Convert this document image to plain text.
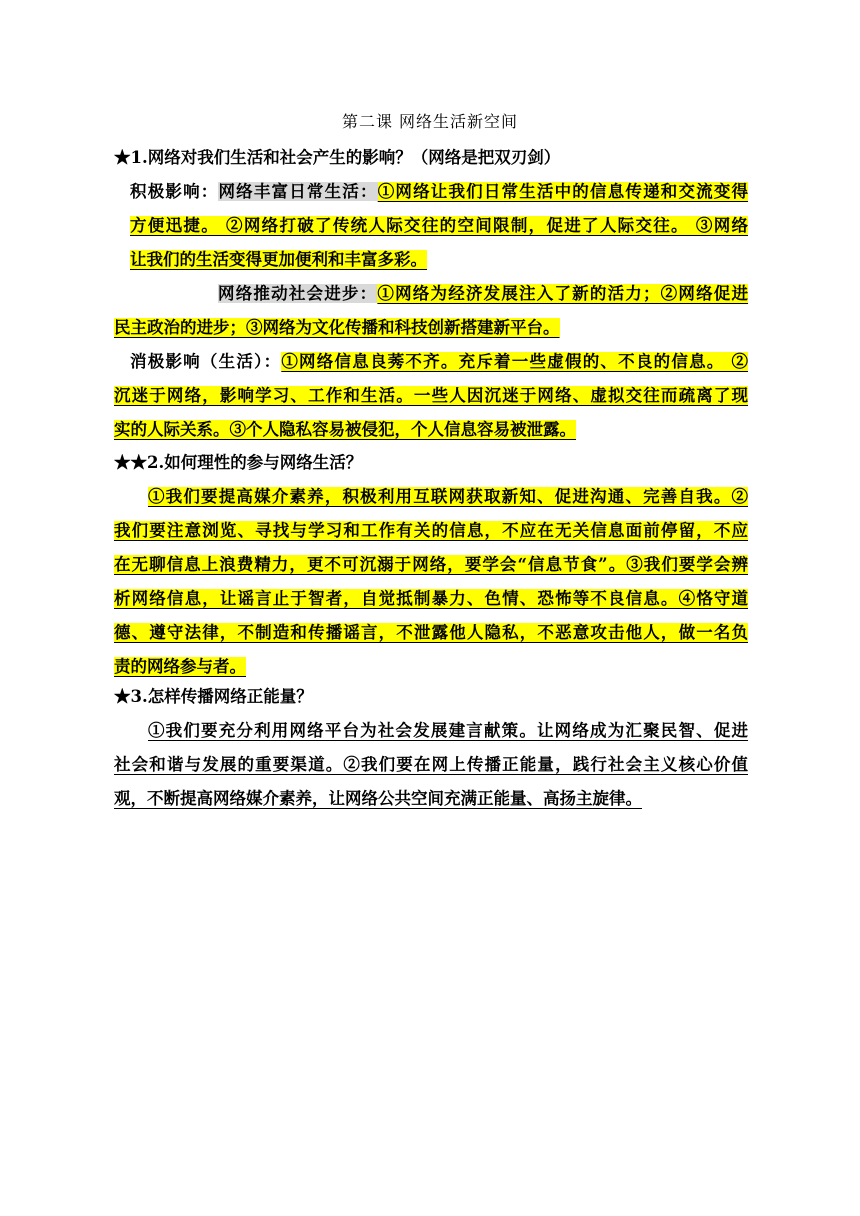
第二课 网络生活新空间
★1.网络对我们生活和社会产生的影响？（网络是把双刃剑）
积极影响：网络丰富日常生活：①网络让我们日常生活中的信息传递和交流变得
方便迅捷。 ②网络打破了传统人际交往的空间限制，促进了人际交往。 ③网络
让我们的生活变得更加便利和丰富多彩。
网络推动社会进步：①网络为经济发展注入了新的活力；②网络促进
民主政治的进步；③网络为文化传播和科技创新搭建新平台。
消极影响（生活）：①网络信息良莠不齐。充斥着一些虚假的、不良的信息。 ②
沉迷于网络，影响学习、工作和生活。一些人因沉迷于网络、虚拟交往而疏离了现
实的人际关系。③个人隐私容易被侵犯，个人信息容易被泄露。
★★2.如何理性的参与网络生活？
①我们要提高媒介素养，积极利用互联网获取新知、促进沟通、完善自我。②
我们要注意浏览、寻找与学习和工作有关的信息，不应在无关信息面前停留，不应
在无聊信息上浪费精力，更不可沉溺于网络，要学会“信息节食”。③我们要学会辨
析网络信息，让谣言止于智者，自觉抵制暴力、色情、恐怖等不良信息。④恪守道
德、遵守法律，不制造和传播谣言，不泄露他人隐私，不恶意攻击他人，做一名负
责的网络参与者。
★3.怎样传播网络正能量？
①我们要充分利用网络平台为社会发展建言献策。让网络成为汇聚民智、促进
社会和谐与发展的重要渠道。②我们要在网上传播正能量，践行社会主义核心价值
观，不断提高网络媒介素养，让网络公共空间充满正能量、高扬主旋律。
